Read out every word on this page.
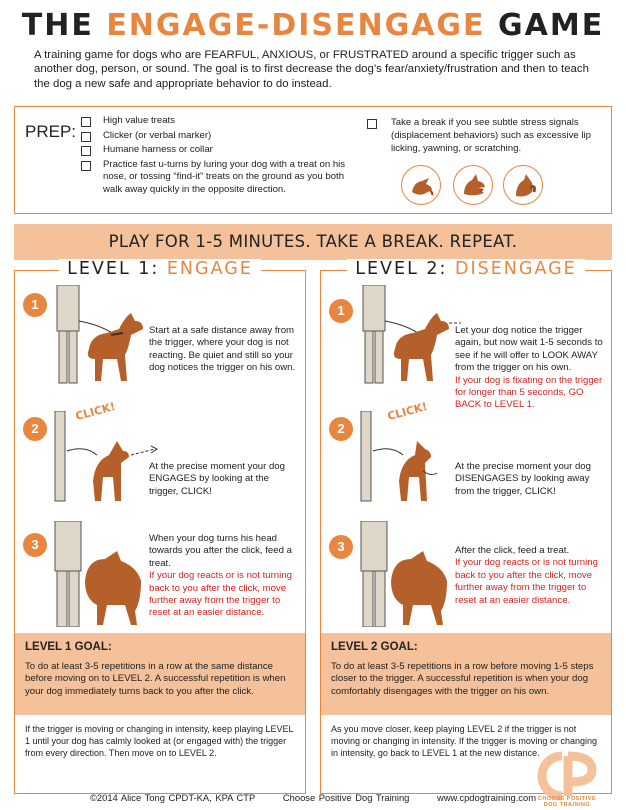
THE ENGAGE-DISENGAGE GAME
A training game for dogs who are FEARFUL, ANXIOUS, or FRUSTRATED around a specific trigger such as another dog, person, or sound. The goal is to first decrease the dog’s fear/anxiety/frustration and then to teach the dog a new safe and appropriate behavior to do instead.
PREP:
High value treats
Clicker (or verbal marker)
Humane harness or collar
Practice fast u-turns by luring your dog with a treat on his nose, or tossing “find-it” treats on the ground as you both walk away quickly in the opposite direction.
Take a break if you see subtle stress signals (displacement behaviors) such as excessive lip licking, yawning, or scratching.
PLAY FOR 1-5 MINUTES. TAKE A BREAK. REPEAT.
LEVEL 1: ENGAGE
1
Start at a safe distance away from the trigger, where your dog is not reacting. Be quiet and still so your dog notices the trigger on his own.
2
CLICK!
At the precise moment your dog ENGAGES by looking at the trigger, CLICK!
3	When your dog turns his head towards you after the click, feed a treat.
If your dog reacts or is not turning back to you after the click, move further away from the trigger to reset at an easier distance.
LEVEL 1 GOAL:
To do at least 3-5 repetitions in a row at the same distance before moving on to LEVEL 2. A successful repetition is when your dog immediately turns back to you after the click.
If the trigger is moving or changing in intensity, keep playing LEVEL 1 until your dog has calmly looked at (or engaged with) the trigger from every direction. Then move on to LEVEL 2.
LEVEL 2: DISENGAGE
1
Let your dog notice the trigger again, but now wait 1-5 seconds to see if he will offer to LOOK AWAY from the trigger on his own.
If your dog is fixating on the trigger for longer than 5 seconds, GO BACK to LEVEL 1.
2
CLICK!
At the precise moment your dog DISENGAGES by looking away from the trigger, CLICK!
3	After the click, feed a treat.
If your dog reacts or is not turning back to you after the click, move further away from the trigger to reset at an easier distance.
LEVEL 2 GOAL:
To do at least 3-5 repetitions in a row before moving 1-5 steps closer to the trigger. A successful repetition is when your dog comfortably disengages with the trigger on his own.
As you move closer, keep playing LEVEL 2 if the trigger is not moving or changing in intensity. If the trigger is moving or changing in intensity, go back to LEVEL 1 at the new distance.
CHOOSE POSITIVE
DOG TRAINING
©2014 Alice Tong CPDT-KA, KPA CTP	Choose Positive Dog Training	www.cpdogtraining.com
